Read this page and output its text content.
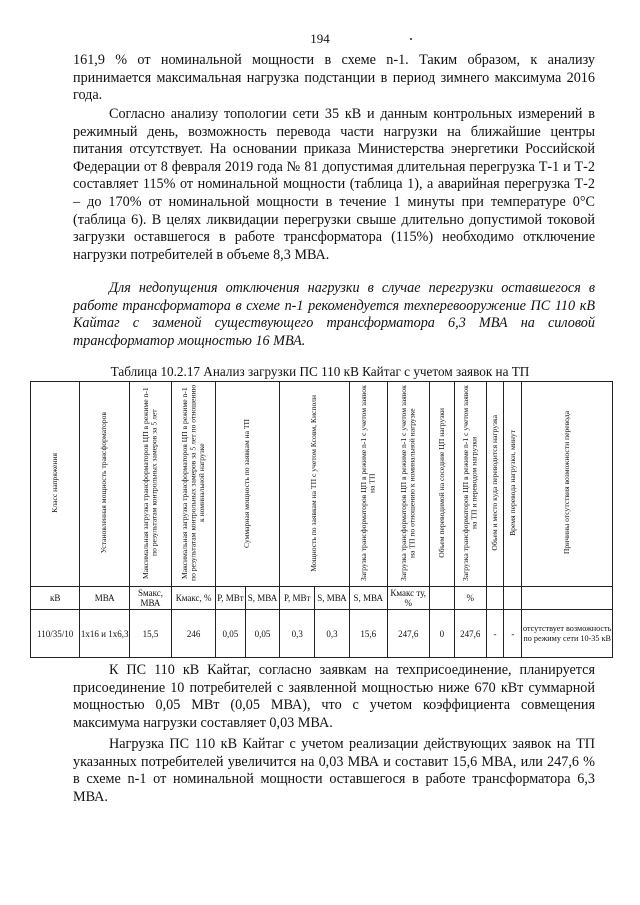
194

161,9 % от номинальной мощности в схеме n-1. Таким образом, к анализу принимается максимальная нагрузка подстанции в период зимнего максимума 2016 года.

Согласно анализу топологии сети 35 кВ и данным контрольных измерений в режимный день, возможность перевода части нагрузки на ближайшие центры питания отсутствует. На основании приказа Министерства энергетики Российской Федерации от 8 февраля 2019 года № 81 допустимая длительная перегрузка Т-1 и Т-2 составляет 115% от номинальной мощности (таблица 1), а аварийная перегрузка Т-2 – до 170% от номинальной мощности в течение 1 минуты при температуре 0°С (таблица 6). В целях ликвидации перегрузки свыше длительно допустимой токовой загрузки оставшегося в работе трансформатора (115%) необходимо отключение нагрузки потребителей в объеме 8,3 МВА.

Для недопущения отключения нагрузки в случае перегрузки оставшегося в работе трансформатора в схеме n-1 рекомендуется техперевооружение ПС 110 кВ Кайтаг с заменой существующего трансформатора 6,3 МВА на силовой трансформатор мощностью 16 МВА.

Таблица 10.2.17 Анализ загрузки ПС 110 кВ Кайтаг с учетом заявок на ТП
Класс напряжения	Установленная мощность трансформаторов	Максимальная загрузка трансформаторов ЦП в режиме n-1 по результатам контрольных замеров за 5 лет	Максимальная загрузка трансформаторов ЦП в режиме n-1 по результатам контрольных замеров за 5 лет по отношению к номинальной нагрузке	Суммарная мощность по заявкам на ТП		Мощность по заявкам на ТП с учетом Ксовм, Кисполн		Загрузка трансформаторов ЦП в режиме n-1 с учетом заявок на ТП	Загрузка трансформаторов ЦП в режиме n-1 с учетом заявок на ТП по отношению к номинальной нагрузке	Объем переводимой на соседние ЦП нагрузки	Загрузка трансформаторов ЦП в режиме n-1 с учетом заявок на ТП и переводом нагрузки	Объем и место куда переводится нагрузка	Время перевода нагрузки, минут	Причины отсутствия возможности перевода
кВ	МВА	Sмакс, МВА	Кмакс, %	P, МВт	S, МВА	P, МВт	S, МВА	S, МВА	Кмакс ту, %		%			
110/35/10	1х16 и 1х6,3	15,5	246	0,05	0,05	0,3	0,3	15,6	247,6	0	247,6	-	-	отсутствует возможность по режиму сети 10-35 кВ

К ПС 110 кВ Кайтаг, согласно заявкам на техприсоединение, планируется присоединение 10 потребителей с заявленной мощностью ниже 670 кВт суммарной мощностью 0,05 МВт (0,05 МВА), что с учетом коэффициента совмещения максимума нагрузки составляет 0,03 МВА.

Нагрузка ПС 110 кВ Кайтаг с учетом реализации действующих заявок на ТП указанных потребителей увеличится на 0,03 МВА и составит 15,6 МВА, или 247,6 % в схеме n-1 от номинальной мощности оставшегося в работе трансформатора 6,3 МВА.
